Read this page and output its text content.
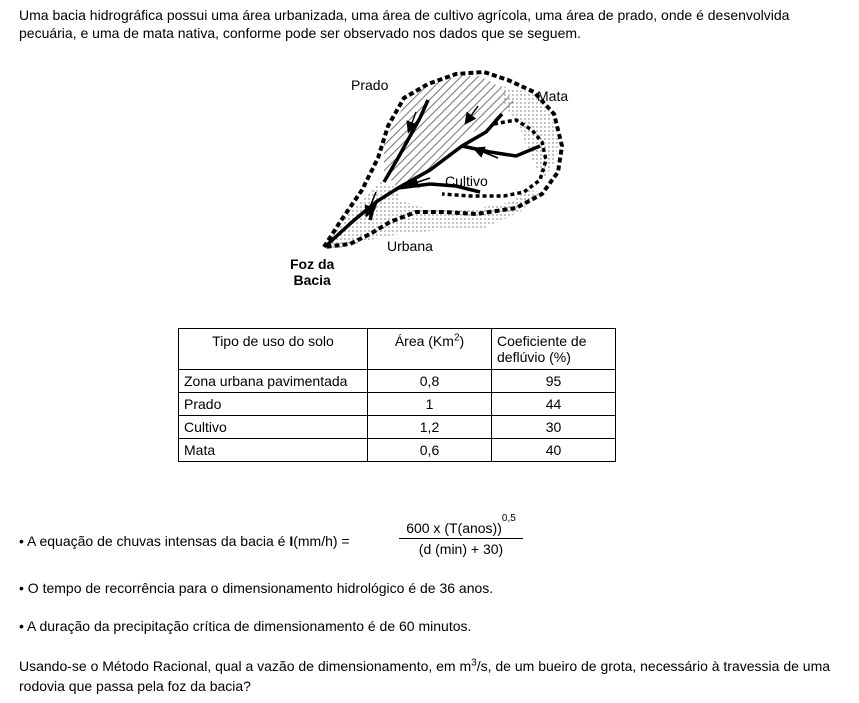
Uma bacia hidrográfica possui uma área urbanizada, uma área de cultivo agrícola, uma área de prado, onde é desenvolvida pecuária, e uma de mata nativa, conforme pode ser observado nos dados que se seguem.

Prado
Mata
Cultivo
Urbana
Foz da
Bacia
Tipo de uso do solo	Área (Km$^2$)	Coeficiente de
deflúvio (%)
Zona urbana pavimentada	0,8	95
Prado	1	44
Cultivo	1,2	30
Mata	0,6	40
• A equação de chuvas intensas da bacia é I(mm/h) =
600 x (T(anos))$^{0,5}$
(d (min) + 30)

• O tempo de recorrência para o dimensionamento hidrológico é de 36 anos.

• A duração da precipitação crítica de dimensionamento é de 60 minutos.

Usando-se o Método Racional, qual a vazão de dimensionamento, em $m^3/s$, de um bueiro de grota, necessário à travessia de uma rodovia que passa pela foz da bacia?
